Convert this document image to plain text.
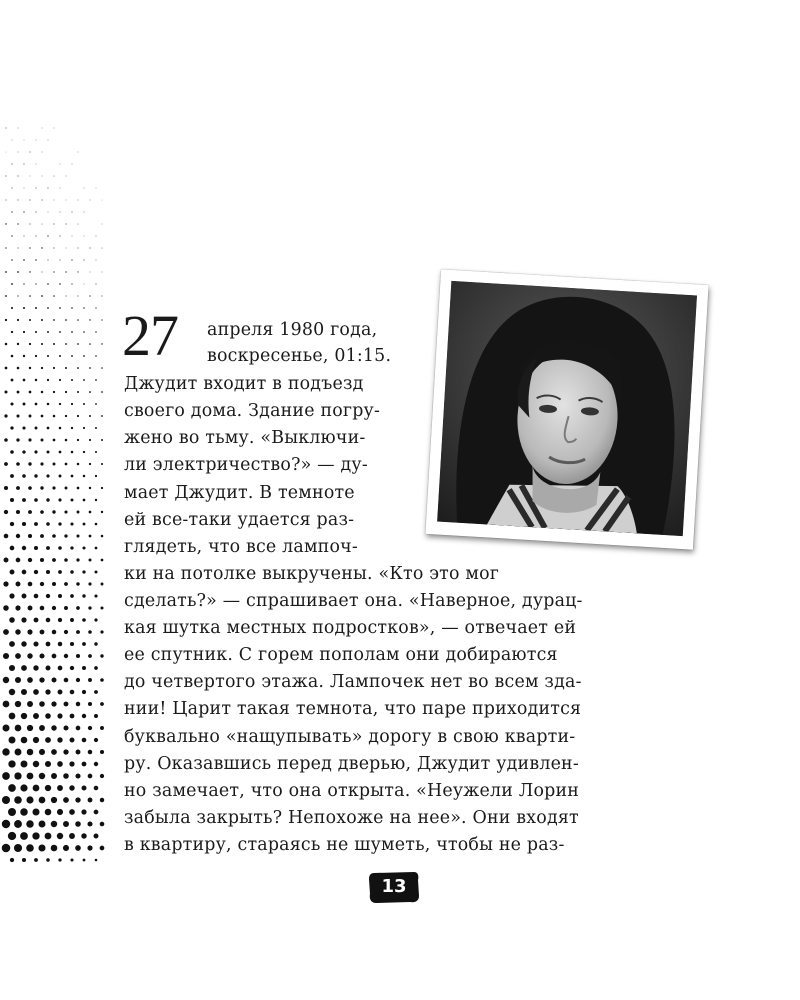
27 апреля 1980 года,
воскресенье, 01:15.
Джудит входит в подъезд
своего дома. Здание погру-
жено во тьму. «Выключи-
ли электричество?» — ду-
мает Джудит. В темноте
ей все-таки удается раз-
глядеть, что все лампоч-
ки на потолке выкручены. «Кто это мог
сделать?» — спрашивает она. «Наверное, дурац-
кая шутка местных подростков», — отвечает ей
ее спутник. С горем пополам они добираются
до четвертого этажа. Лампочек нет во всем зда-
нии! Царит такая темнота, что паре приходится
буквально «нащупывать» дорогу в свою кварти-
ру. Оказавшись перед дверью, Джудит удивлен-
но замечает, что она открыта. «Неужели Лорин
забыла закрыть? Непохоже на нее». Они входят
в квартиру, стараясь не шуметь, чтобы не раз-
13
